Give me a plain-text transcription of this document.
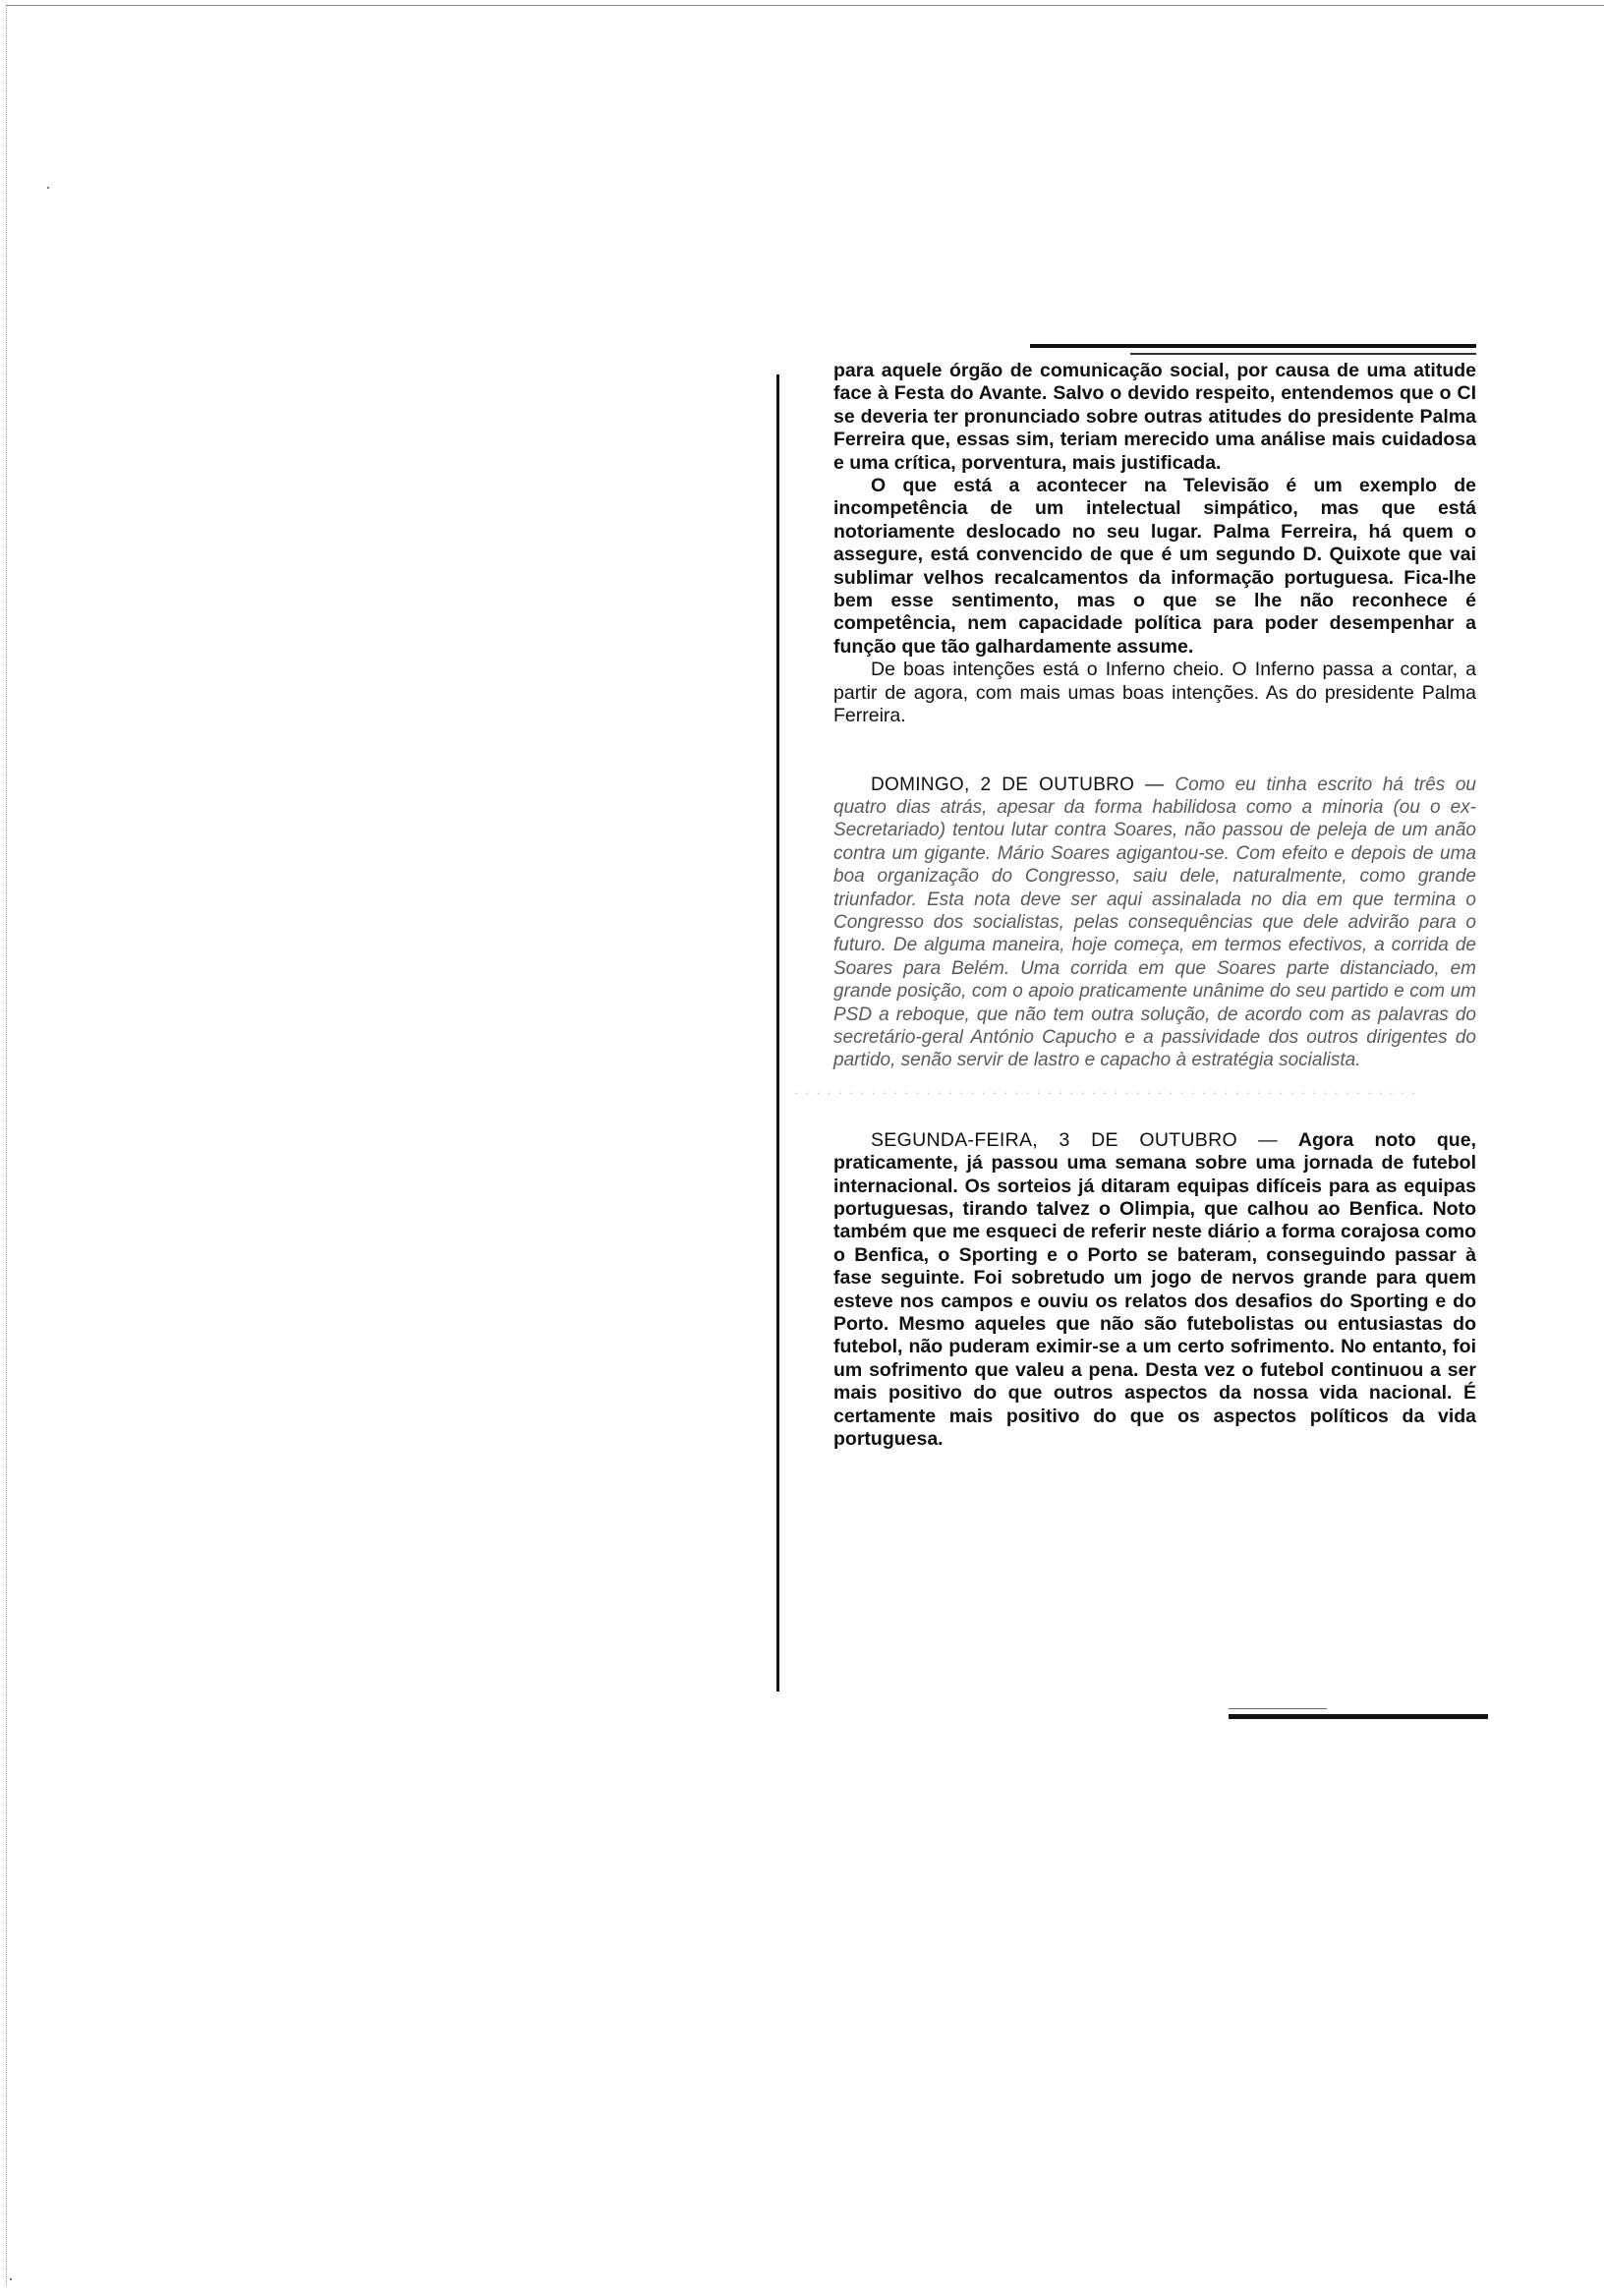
para aquele órgão de comunicação social, por causa de uma atitude face à Festa do Avante. Salvo o devido respeito, entendemos que o CI se deveria ter pronunciado sobre outras atitudes do presidente Palma Ferreira que, essas sim, teriam merecido uma análise mais cuidadosa e uma crítica, porventura, mais justificada.

O que está a acontecer na Televisão é um exemplo de incompetência de um intelectual simpático, mas que está notoriamente deslocado no seu lugar. Palma Ferreira, há quem o assegure, está convencido de que é um segundo D. Quixote que vai sublimar velhos recalcamentos da informação portuguesa. Fica-lhe bem esse sentimento, mas o que se lhe não reconhece é competência, nem capacidade política para poder desempenhar a função que tão galhardamente assume.

De boas intenções está o Inferno cheio. O Inferno passa a contar, a partir de agora, com mais umas boas intenções. As do presidente Palma Ferreira.

DOMINGO, 2 DE OUTUBRO — Como eu tinha escrito há três ou quatro dias atrás, apesar da forma habilidosa como a minoria (ou o ex-Secretariado) tentou lutar contra Soares, não passou de peleja de um anão contra um gigante. Mário Soares agigantou-se. Com efeito e depois de uma boa organização do Congresso, saiu dele, naturalmente, como grande triunfador. Esta nota deve ser aqui assinalada no dia em que termina o Congresso dos socialistas, pelas consequências que dele advirão para o futuro. De alguma maneira, hoje começa, em termos efectivos, a corrida de Soares para Belém. Uma corrida em que Soares parte distanciado, em grande posição, com o apoio praticamente unânime do seu partido e com um PSD a reboque, que não tem outra solução, de acordo com as palavras do secretário-geral António Capucho e a passividade dos outros dirigentes do partido, senão servir de lastro e capacho à estratégia socialista.

. . . . . . . . . . . . . . . . . . . . . . . . . . . . . . . . . . . . . . . . . . . . . . . . . . . . . . . . .

SEGUNDA-FEIRA, 3 DE OUTUBRO — Agora noto que, praticamente, já passou uma semana sobre uma jornada de futebol internacional. Os sorteios já ditaram equipas difíceis para as equipas portuguesas, tirando talvez o Olimpia, que calhou ao Benfica. Noto também que me esqueci de referir neste diário a forma corajosa como o Benfica, o Sporting e o Porto se bateram, conseguindo passar à fase seguinte. Foi sobretudo um jogo de nervos grande para quem esteve nos campos e ouviu os relatos dos desafios do Sporting e do Porto. Mesmo aqueles que não são futebolistas ou entusiastas do futebol, não puderam eximir-se a um certo sofrimento. No entanto, foi um sofrimento que valeu a pena. Desta vez o futebol continuou a ser mais positivo do que outros aspectos da nossa vida nacional. É certamente mais positivo do que os aspectos políticos da vida portuguesa.
